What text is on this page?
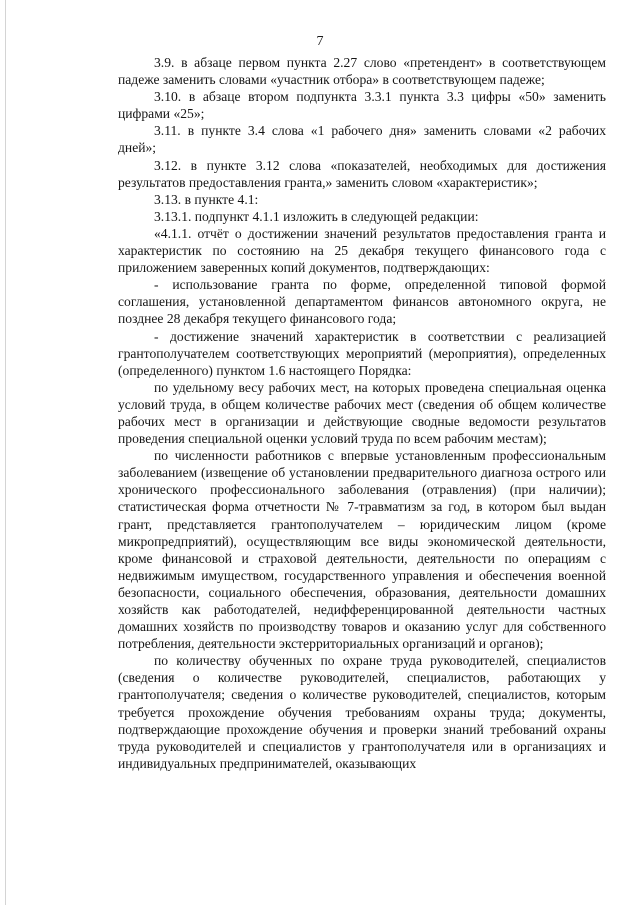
7

3.9. в абзаце первом пункта 2.27 слово «претендент» в соответствующем падеже заменить словами «участник отбора» в соответствующем падеже;

3.10. в абзаце втором подпункта 3.3.1 пункта 3.3 цифры «50» заменить цифрами «25»;

3.11. в пункте 3.4 слова «1 рабочего дня» заменить словами «2 рабочих дней»;

3.12. в пункте 3.12 слова «показателей, необходимых для достижения результатов предоставления гранта,» заменить словом «характеристик»;

3.13. в пункте 4.1:

3.13.1. подпункт 4.1.1 изложить в следующей редакции:

«4.1.1. отчёт о достижении значений результатов предоставления гранта и характеристик по состоянию на 25 декабря текущего финансового года с приложением заверенных копий документов, подтверждающих:

- использование гранта по форме, определенной типовой формой соглашения, установленной департаментом финансов автономного округа, не позднее 28 декабря текущего финансового года;

- достижение значений характеристик в соответствии с реализацией грантополучателем соответствующих мероприятий (мероприятия), определенных (определенного) пунктом 1.6 настоящего Порядка:

по удельному весу рабочих мест, на которых проведена специальная оценка условий труда, в общем количестве рабочих мест (сведения об общем количестве рабочих мест в организации и действующие сводные ведомости результатов проведения специальной оценки условий труда по всем рабочим местам);

по численности работников с впервые установленным профессиональным заболеванием (извещение об установлении предварительного диагноза острого или хронического профессионального заболевания (отравления) (при наличии); статистическая форма отчетности № 7-травматизм за год, в котором был выдан грант, представляется грантополучателем – юридическим лицом (кроме микропредприятий), осуществляющим все виды экономической деятельности, кроме финансовой и страховой деятельности, деятельности по операциям с недвижимым имуществом, государственного управления и обеспечения военной безопасности, социального обеспечения, образования, деятельности домашних хозяйств как работодателей, недифференцированной деятельности частных домашних хозяйств по производству товаров и оказанию услуг для собственного потребления, деятельности экстерриториальных организаций и органов);

по количеству обученных по охране труда руководителей, специалистов (сведения о количестве руководителей, специалистов, работающих у грантополучателя; сведения о количестве руководителей, специалистов, которым требуется прохождение обучения требованиям охраны труда; документы, подтверждающие прохождение обучения и проверки знаний требований охраны труда руководителей и специалистов у грантополучателя или в организациях и индивидуальных предпринимателей, оказывающих
